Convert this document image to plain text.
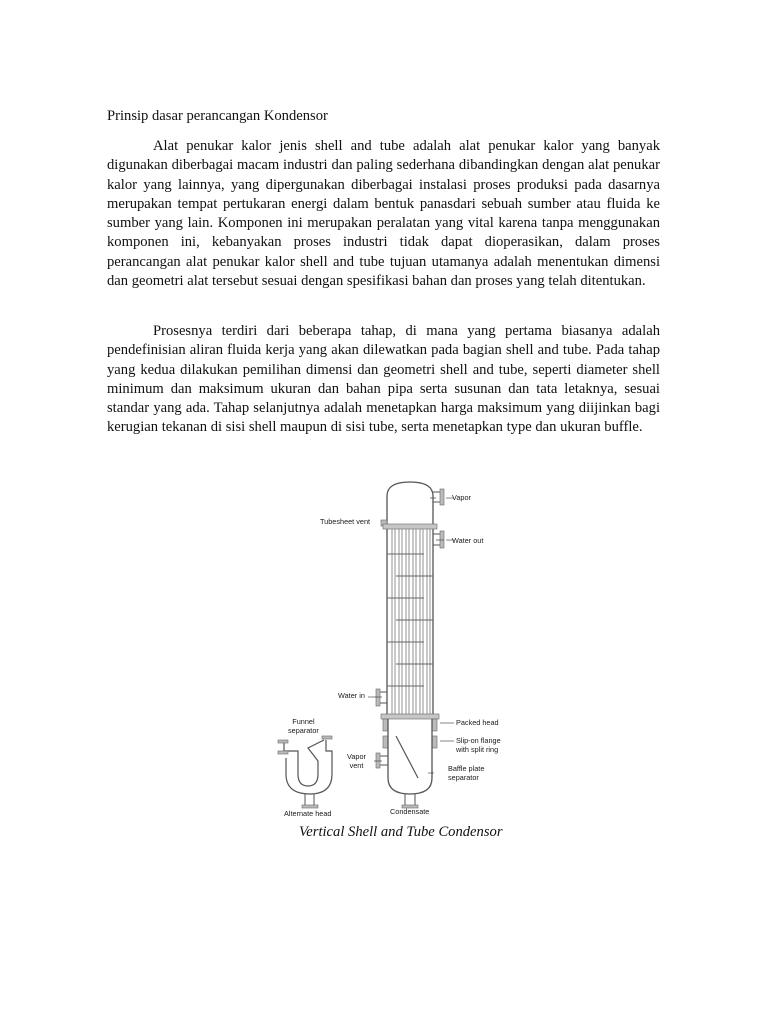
Prinsip dasar perancangan Kondensor

Alat penukar kalor jenis shell and tube adalah alat penukar kalor yang banyak digunakan diberbagai macam industri dan paling sederhana dibandingkan dengan alat penukar kalor yang lainnya, yang dipergunakan diberbagai instalasi proses produksi pada dasarnya merupakan tempat pertukaran energi dalam bentuk panasdari sebuah sumber atau fluida ke sumber yang lain. Komponen ini merupakan peralatan yang vital karena tanpa menggunakan komponen ini, kebanyakan proses industri tidak dapat dioperasikan, dalam proses perancangan alat penukar kalor shell and tube tujuan utamanya adalah menentukan dimensi dan geometri alat tersebut sesuai dengan spesifikasi bahan dan proses yang telah ditentukan.

Prosesnya terdiri dari beberapa tahap, di mana yang pertama biasanya adalah pendefinisian aliran fluida kerja yang akan dilewatkan pada bagian shell and tube. Pada tahap yang kedua dilakukan pemilihan dimensi dan geometri shell and tube, seperti diameter shell minimum dan maksimum ukuran dan bahan pipa serta susunan dan tata letaknya, sesuai standar yang ada. Tahap selanjutnya adalah menetapkan harga maksimum yang diijinkan bagi kerugian tekanan di sisi shell maupun di sisi tube, serta menetapkan type dan ukuran buffle.

Vapor
Tubesheet vent
Water out
Water in
Funnel
separator
Packed head
Slip-on flange
with split ring
Vapor
vent	Baffle plate
separator
Alternate head	Condensate

Vertical Shell and Tube Condensor
